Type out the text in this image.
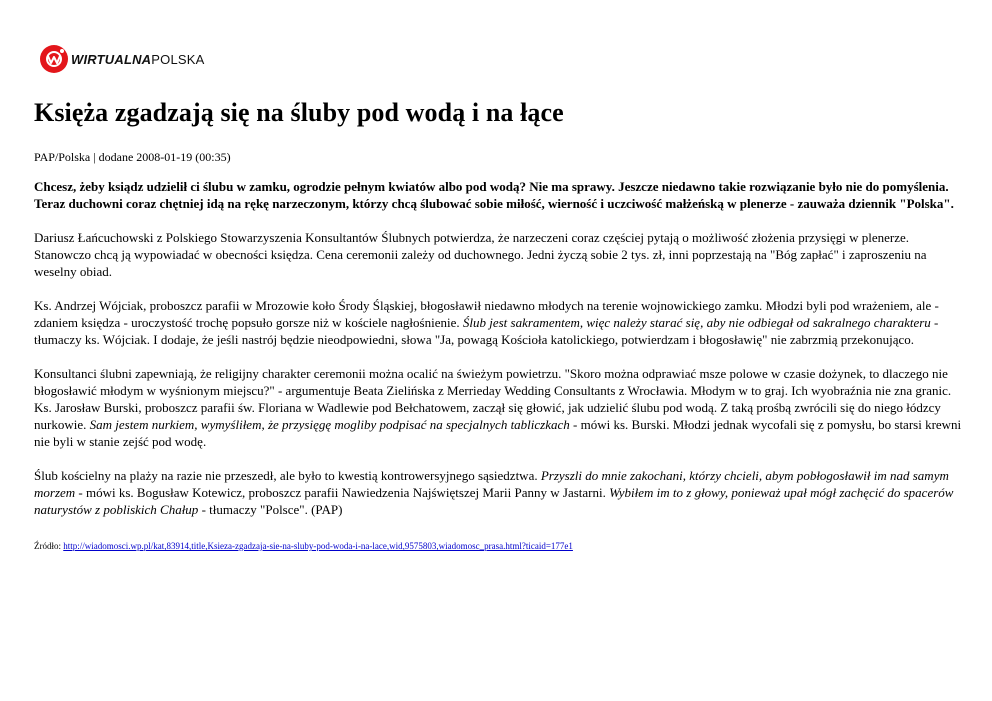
WIRTUALNAPOLSKA
Księża zgadzają się na śluby pod wodą i na łące
PAP/Polska | dodane 2008-01-19 (00:35)

Chcesz, żeby ksiądz udzielił ci ślubu w zamku, ogrodzie pełnym kwiatów albo pod wodą? Nie ma sprawy. Jeszcze niedawno takie rozwiązanie było nie do pomyślenia. Teraz duchowni coraz chętniej idą na rękę narzeczonym, którzy chcą ślubować sobie miłość, wierność i uczciwość małżeńską w plenerze - zauważa dziennik "Polska".

Dariusz Łańcuchowski z Polskiego Stowarzyszenia Konsultantów Ślubnych potwierdza, że narzeczeni coraz częściej pytają o możliwość złożenia przysięgi w plenerze. Stanowczo chcą ją wypowiadać w obecności księdza. Cena ceremonii zależy od duchownego. Jedni życzą sobie 2 tys. zł, inni poprzestają na "Bóg zapłać" i zaproszeniu na weselny obiad.

Ks. Andrzej Wójciak, proboszcz parafii w Mrozowie koło Środy Śląskiej, błogosławił niedawno młodych na terenie wojnowickiego zamku. Młodzi byli pod wrażeniem, ale - zdaniem księdza - uroczystość trochę popsuło gorsze niż w kościele nagłośnienie. Ślub jest sakramentem, więc należy starać się, aby nie odbiegał od sakralnego charakteru - tłumaczy ks. Wójciak. I dodaje, że jeśli nastrój będzie nieodpowiedni, słowa "Ja, powagą Kościoła katolickiego, potwierdzam i błogosławię" nie zabrzmią przekonująco.

Konsultanci ślubni zapewniają, że religijny charakter ceremonii można ocalić na świeżym powietrzu. "Skoro można odprawiać msze polowe w czasie dożynek, to dlaczego nie błogosławić młodym w wyśnionym miejscu?" - argumentuje Beata Zielińska z Merrieday Wedding Consultants z Wrocławia. Młodym w to graj. Ich wyobraźnia nie zna granic. Ks. Jarosław Burski, proboszcz parafii św. Floriana w Wadlewie pod Bełchatowem, zaczął się głowić, jak udzielić ślubu pod wodą. Z taką prośbą zwrócili się do niego łódzcy nurkowie. Sam jestem nurkiem, wymyśliłem, że przysięgę mogliby podpisać na specjalnych tabliczkach - mówi ks. Burski. Młodzi jednak wycofali się z pomysłu, bo starsi krewni nie byli w stanie zejść pod wodę.

Ślub kościelny na plaży na razie nie przeszedł, ale było to kwestią kontrowersyjnego sąsiedztwa. Przyszli do mnie zakochani, którzy chcieli, abym pobłogosławił im nad samym morzem - mówi ks. Bogusław Kotewicz, proboszcz parafii Nawiedzenia Najświętszej Marii Panny w Jastarni. Wybiłem im to z głowy, ponieważ upał mógł zachęcić do spacerów naturystów z pobliskich Chałup - tłumaczy "Polsce". (PAP)

Źródło: http://wiadomosci.wp.pl/kat,83914,title,Ksieza-zgadzaja-sie-na-sluby-pod-woda-i-na-lace,wid,9575803,wiadomosc_prasa.html?ticaid=177e1
